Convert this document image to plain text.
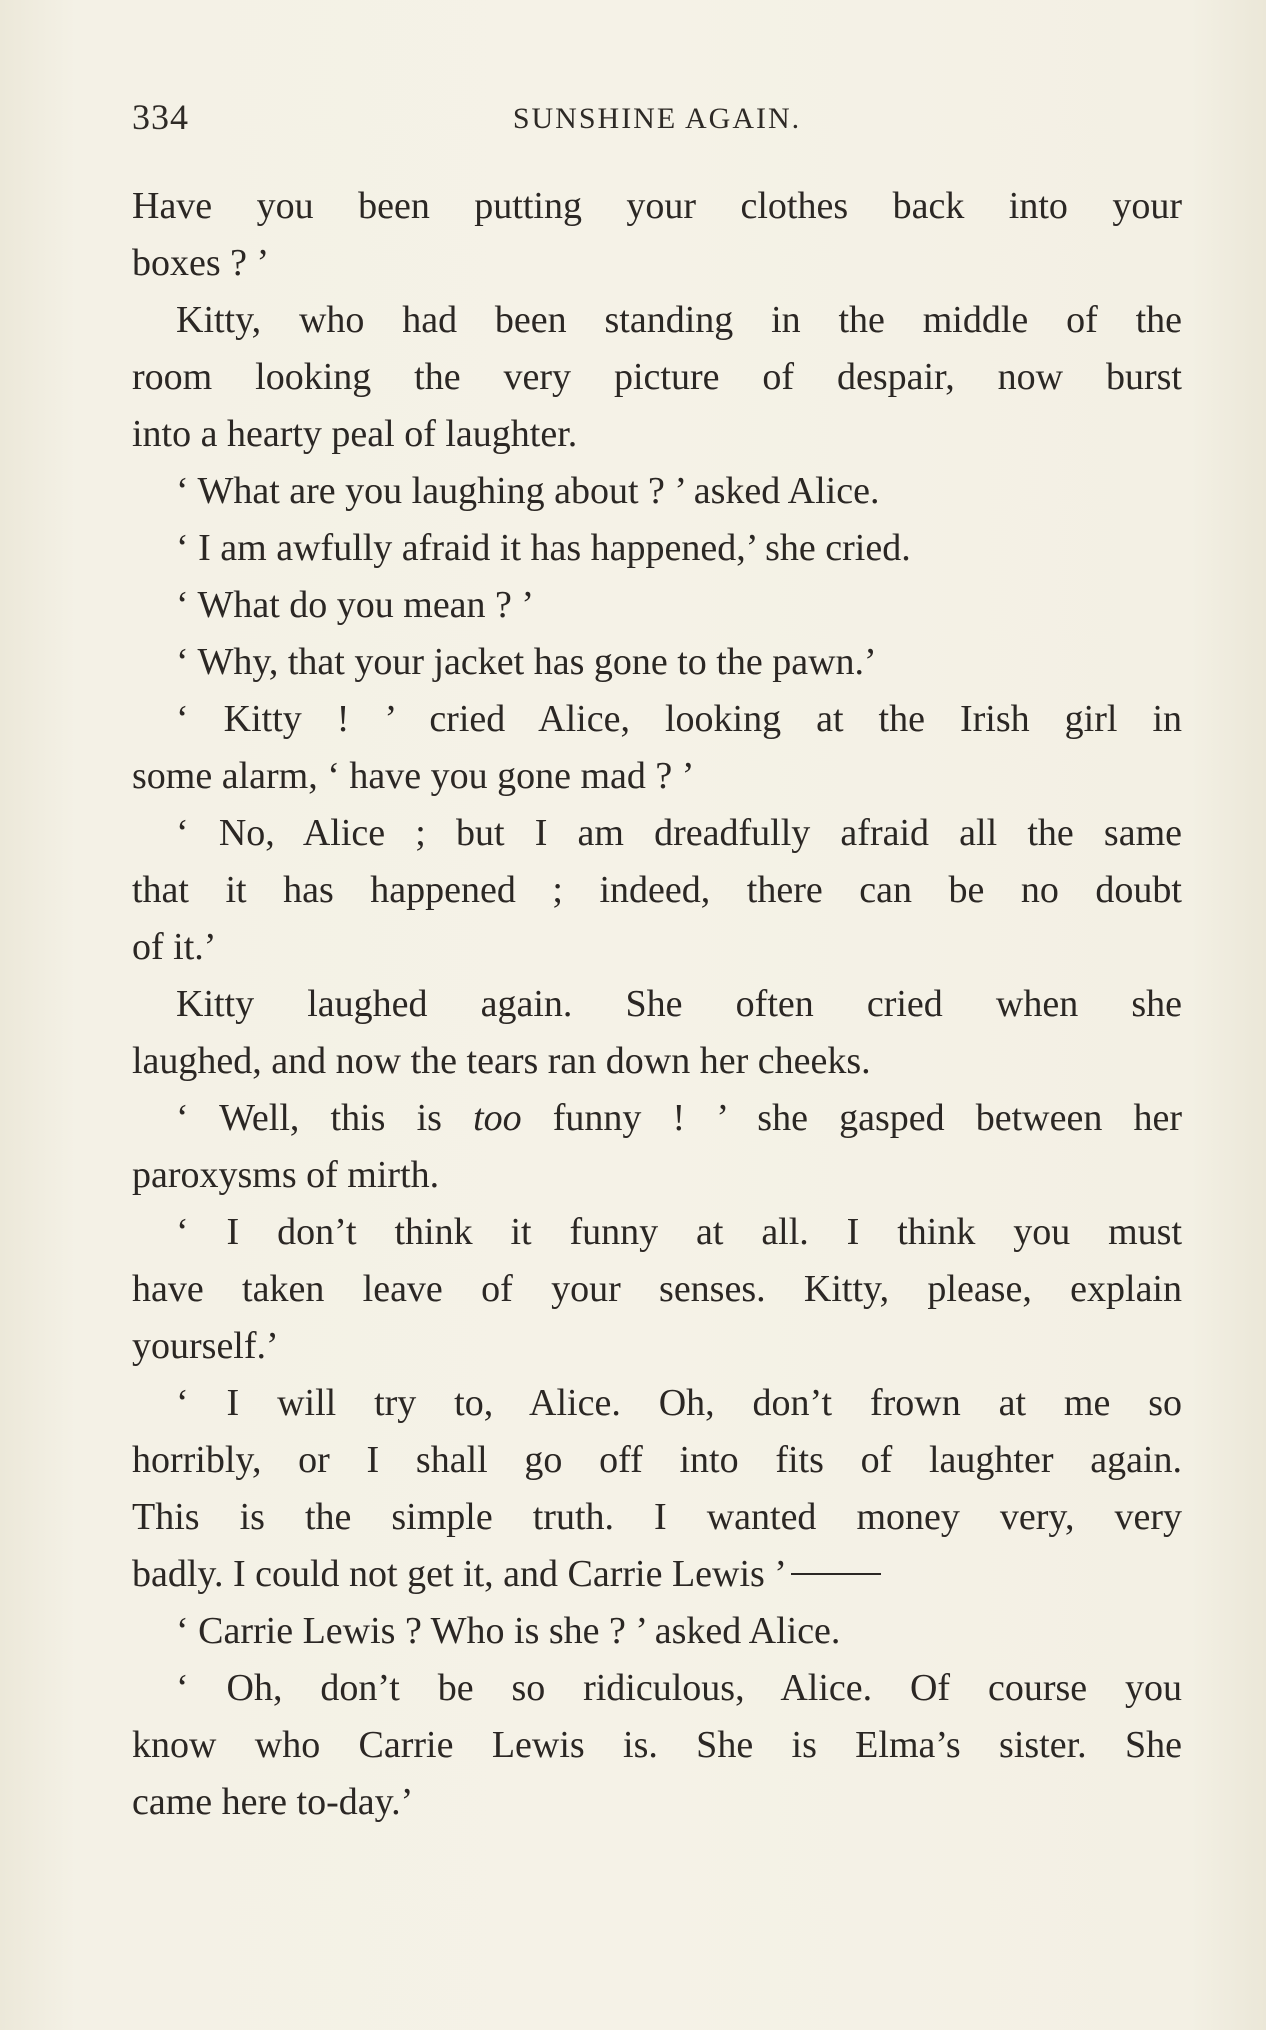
334	SUNSHINE AGAIN.
Have you been putting your clothes back into your
boxes ? ’
Kitty, who had been standing in the middle of the
room looking the very picture of despair, now burst
into a hearty peal of laughter.
‘ What are you laughing about ? ’ asked Alice.
‘ I am awfully afraid it has happened,’ she cried.
‘ What do you mean ? ’
‘ Why, that your jacket has gone to the pawn.’
‘ Kitty ! ’ cried Alice, looking at the Irish girl in
some alarm, ‘ have you gone mad ? ’
‘ No, Alice ; but I am dreadfully afraid all the same
that it has happened ; indeed, there can be no doubt
of it.’
Kitty laughed again. She often cried when she
laughed, and now the tears ran down her cheeks.
‘ Well, this is too funny ! ’ she gasped between her
paroxysms of mirth.
‘ I don’t think it funny at all. I think you must
have taken leave of your senses. Kitty, please, explain
yourself.’
‘ I will try to, Alice. Oh, don’t frown at me so
horribly, or I shall go off into fits of laughter again.
This is the simple truth. I wanted money very, very
badly. I could not get it, and Carrie Lewis ’
‘ Carrie Lewis ? Who is she ? ’ asked Alice.
‘ Oh, don’t be so ridiculous, Alice. Of course you
know who Carrie Lewis is. She is Elma’s sister. She
came here to-day.’
